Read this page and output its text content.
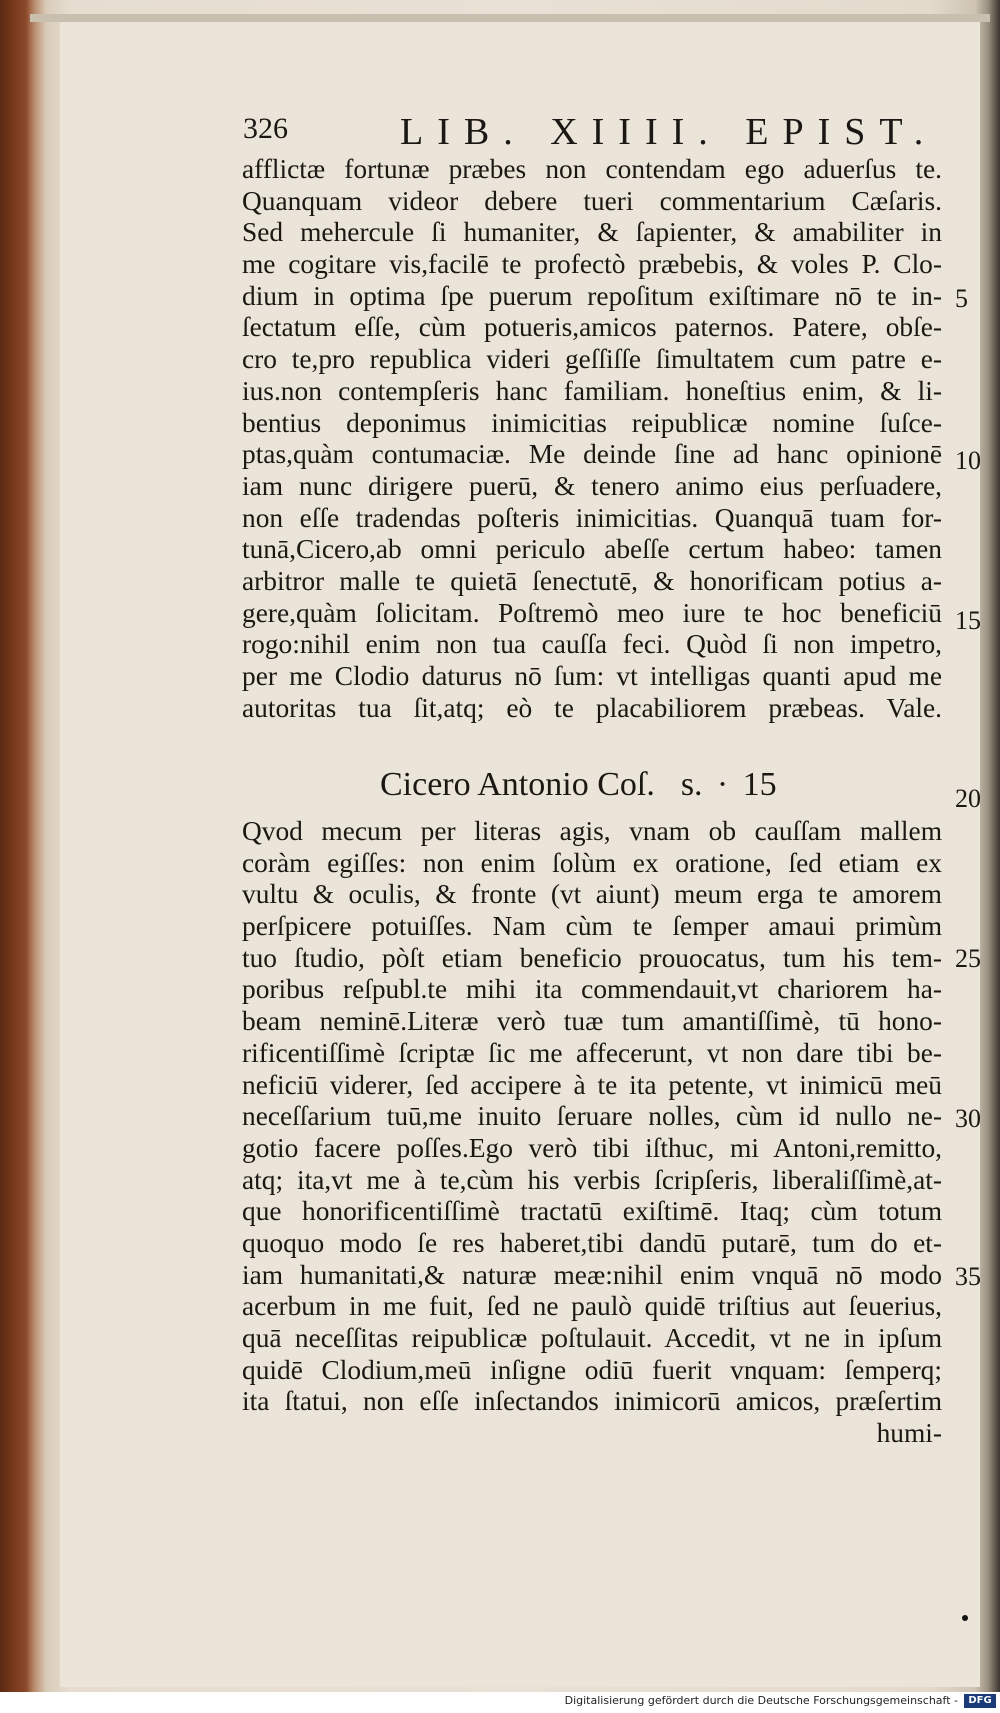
326	LIB. XIIII. EPIST.
afflictæ fortunæ præbes non contendam ego aduerſus te.
Quanquam videor debere tueri commentarium Cæſaris.
Sed mehercule ſi humaniter, & ſapienter, & amabiliter in
me cogitare vis,facilē te profectò præbebis, & voles P. Clo-
dium in optima ſpe puerum repoſitum exiſtimare nō te in-
ſectatum eſſe, cùm potueris,amicos paternos. Patere, obſe-
cro te,pro republica videri geſſiſſe ſimultatem cum patre e-
ius.non contempſeris hanc familiam. honeſtius enim, & li-
bentius deponimus inimicitias reipublicæ nomine ſuſce-
ptas,quàm contumaciæ. Me deinde ſine ad hanc opinionē
iam nunc dirigere puerū, & tenero animo eius perſuadere,
non eſſe tradendas poſteris inimicitias. Quanquā tuam for-
tunā,Cicero,ab omni periculo abeſſe certum habeo: tamen
arbitror malle te quietā ſenectutē, & honorificam potius a-
gere,quàm ſolicitam. Poſtremò meo iure te hoc beneficiū
rogo:nihil enim non tua cauſſa feci. Quòd ſi non impetro,
per me Clodio daturus nō ſum: vt intelligas quanti apud me
autoritas tua ſit,atq; eò te placabiliorem præbeas. Vale.
Cicero Antonio Coſ. s. · 15
Qvod mecum per literas agis, vnam ob cauſſam mallem
coràm egiſſes: non enim ſolùm ex oratione, ſed etiam ex
vultu & oculis, & fronte (vt aiunt) meum erga te amorem
perſpicere potuiſſes. Nam cùm te ſemper amaui primùm
tuo ſtudio, pòſt etiam beneficio prouocatus, tum his tem-
poribus reſpubl.te mihi ita commendauit,vt chariorem ha-
beam neminē.Literæ verò tuæ tum amantiſſimè, tū hono-
rificentiſſimè ſcriptæ ſic me affecerunt, vt non dare tibi be-
neficiū viderer, ſed accipere à te ita petente, vt inimicū meū
neceſſarium tuū,me inuito ſeruare nolles, cùm id nullo ne-
gotio facere poſſes.Ego verò tibi iſthuc, mi Antoni,remitto,
atq; ita,vt me à te,cùm his verbis ſcripſeris, liberaliſſimè,at-
que honorificentiſſimè tractatū exiſtimē. Itaq; cùm totum
quoquo modo ſe res haberet,tibi dandū putarē, tum do et-
iam humanitati,& naturæ meæ:nihil enim vnquā nō modo
acerbum in me fuit, ſed ne paulò quidē triſtius aut ſeuerius,
quā neceſſitas reipublicæ poſtulauit. Accedit, vt ne in ipſum
quidē Clodium,meū inſigne odiū fuerit vnquam: ſemperq;
ita ſtatui, non eſſe inſectandos inimicorū amicos, præſertim
humi-
5
10
15
20
25
30
35
Digitalisierung gefördert durch die Deutsche Forschungsgemeinschaft -	DFG
